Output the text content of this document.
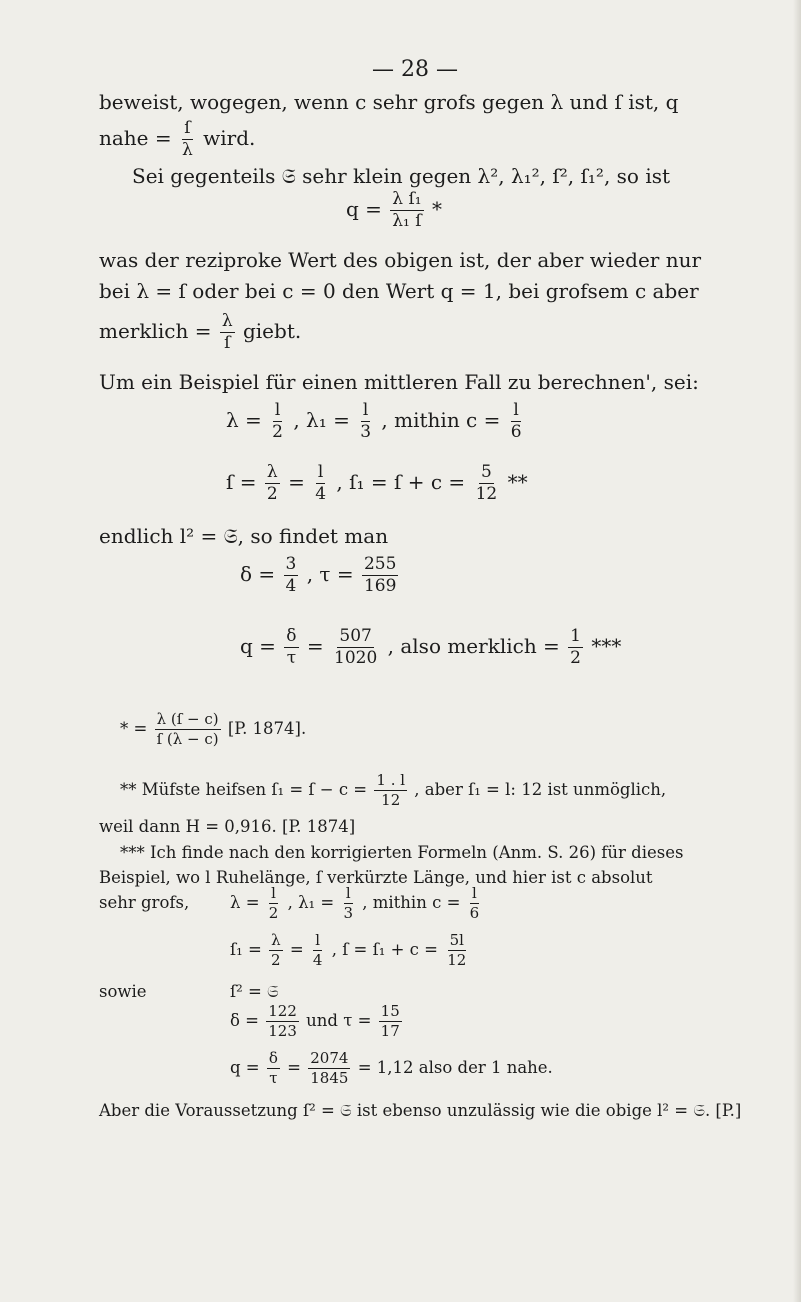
— 28 —
beweist, wogegen, wenn c sehr grofs gegen λ und ſ ist, q
nahe = $\frac{ſ}{\lambda}$ wird.
Sei gegenteils 𝔖 sehr klein gegen λ², λ₁², ſ², ſ₁², so ist
$q = \frac{\text{λ ſ₁}}{\text{λ₁ ſ}}$ *
was der reziproke Wert des obigen ist, der aber wieder nur
bei λ = ſ oder bei c = 0 den Wert q = 1, bei grofsem c aber
merklich = $\frac{\lambda}{ſ}$ giebt.
Um ein Beispiel für einen mittleren Fall zu berechnen', sei:
$\lambda = \frac{l}{2}$ , $\lambda_1 = \frac{l}{3}$ , mithin $c = \frac{l}{6}$
ſ = $\frac{\lambda}{2} = \frac{l}{4}$ , ſ₁ = ſ + $c = \frac{5}{12}$ **
endlich l² = 𝔖, so findet man
$\delta = \frac{3}{4}$ , $\tau = \frac{255}{169}$
$q = \frac{\delta}{\tau} = \frac{507}{1020}$ , also merklich = $\frac{1}{2}$ ***
* = $\frac{\lambda (ſ - c)}{ſ (\lambda - c)} [P$. 1874].
** Müfste heifsen ſ₁ = ſ − $c = \frac{1 . l}{12}$ , aber ſ₁ = l: 12 ist unmöglich,
weil dann H = 0,916. [P. 1874]
*** Ich finde nach den korrigierten Formeln (Anm. S. 26) für dieses
Beispiel, wo l Ruhelänge, ſ verkürzte Länge, und hier ist c absolut
sehr grofs, $\lambda = \frac{l}{2}$ , $\lambda_1 = \frac{l}{3}$ , mithin $c = \frac{l}{6}$
ſ₁ = $\frac{\lambda}{2} = \frac{l}{4}$ , ſ = ſ₁ + $c = \frac{5l}{12}$
sowie	ſ² = 𝔖
$\delta = \frac{122}{123}$ und $\tau = \frac{15}{17}$
$q = \frac{\delta}{\tau} = \frac{2074}{1845} = 1,12$ also der 1 nahe.
Aber die Voraussetzung ſ² = 𝔖 ist ebenso unzulässig wie die obige l² = 𝔖. [P.]
